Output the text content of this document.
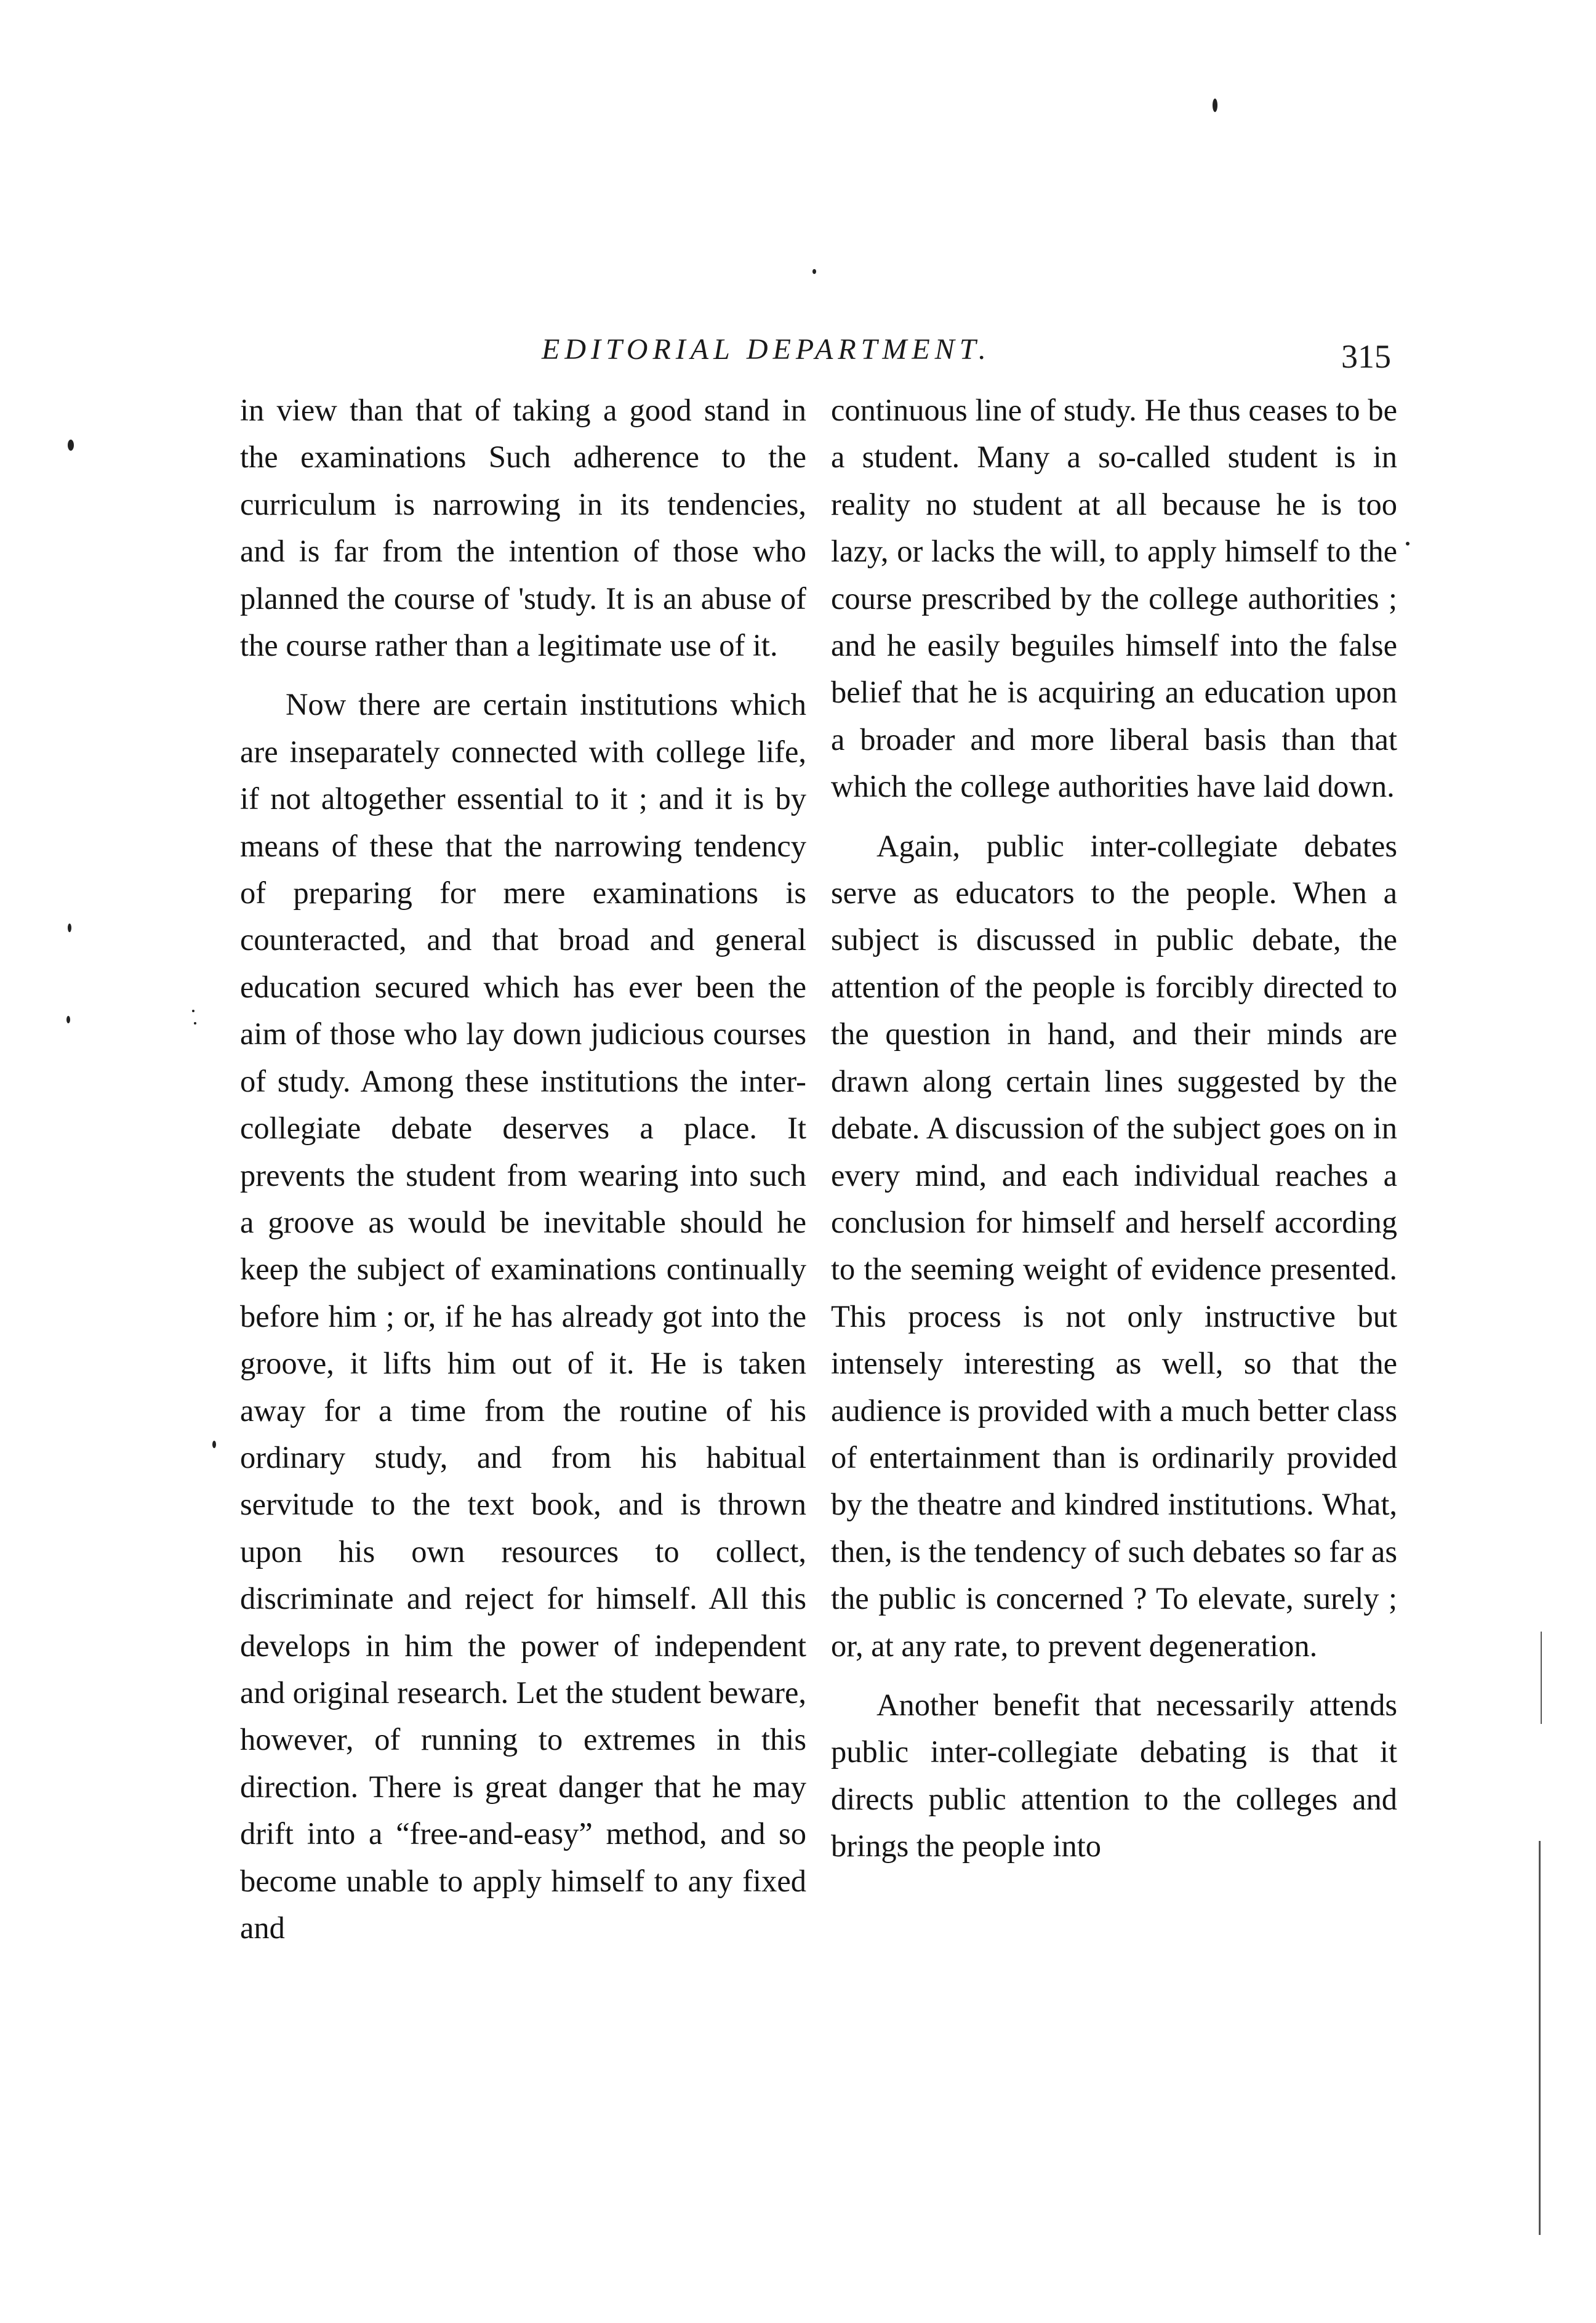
EDITORIAL DEPARTMENT.	315

in view than that of taking a good stand in the examinations Such adherence to the curriculum is narrowing in its tendencies, and is far from the intention of those who planned the course of 'study. It is an abuse of the course rather than a legitimate use of it.

Now there are certain institutions which are inseparately connected with college life, if not altogether essential to it ; and it is by means of these that the narrowing tendency of preparing for mere examinations is counteracted, and that broad and general education secured which has ever been the aim of those who lay down judicious courses of study. Among these institutions the inter-collegiate debate deserves a place. It prevents the student from wearing into such a groove as would be inevitable should he keep the subject of examinations continually before him ; or, if he has already got into the groove, it lifts him out of it. He is taken away for a time from the routine of his ordinary study, and from his habitual servitude to the text book, and is thrown upon his own resources to collect, discriminate and reject for himself. All this develops in him the power of independent and original research. Let the student beware, however, of running to extremes in this direction. There is great danger that he may drift into a “free-and-easy” method, and so become unable to apply himself to any fixed and

continuous line of study. He thus ceases to be a student. Many a so-called student is in reality no student at all because he is too lazy, or lacks the will, to apply himself to the course prescribed by the college authorities ; and he easily beguiles himself into the false belief that he is acquiring an education upon a broader and more liberal basis than that which the college authorities have laid down.

Again, public inter-collegiate debates serve as educators to the people. When a subject is discussed in public debate, the attention of the people is forcibly directed to the question in hand, and their minds are drawn along certain lines suggested by the debate. A discussion of the subject goes on in every mind, and each individual reaches a conclusion for himself and herself according to the seeming weight of evidence presented. This process is not only instructive but intensely interesting as well, so that the audience is provided with a much better class of entertainment than is ordinarily provided by the theatre and kindred institutions. What, then, is the tendency of such debates so far as the public is concerned ? To elevate, surely ; or, at any rate, to prevent degeneration.

Another benefit that necessarily attends public inter-collegiate debating is that it directs public attention to the colleges and brings the people into
